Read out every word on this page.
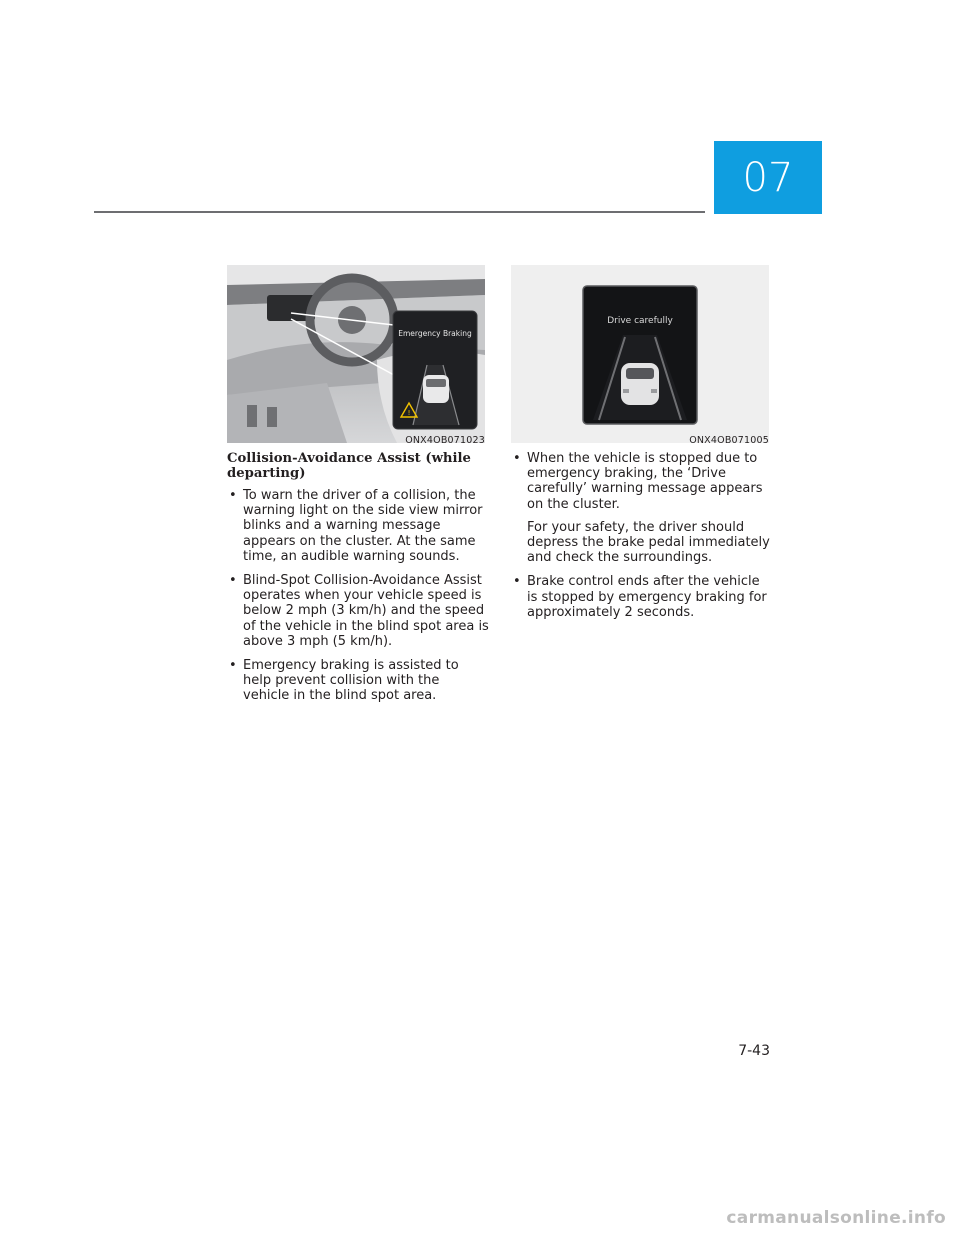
07
Emergency Braking
!
ONX4OB071023
Drive carefully
ONX4OB071005
Collision-Avoidance Assist (while departing)
• To warn the driver of a collision, the warning light on the side view mirror blinks and a warning message appears on the cluster. At the same time, an audible warning sounds.

• Blind-Spot Collision-Avoidance Assist operates when your vehicle speed is below 2 mph (3 km/h) and the speed of the vehicle in the blind spot area is above 3 mph (5 km/h).

• Emergency braking is assisted to help prevent collision with the vehicle in the blind spot area.

• When the vehicle is stopped due to emergency braking, the ‘Drive carefully’ warning message appears on the cluster.

For your safety, the driver should depress the brake pedal immediately and check the surroundings.

• Brake control ends after the vehicle is stopped by emergency braking for approximately 2 seconds.

7-43
carmanualsonline.info
